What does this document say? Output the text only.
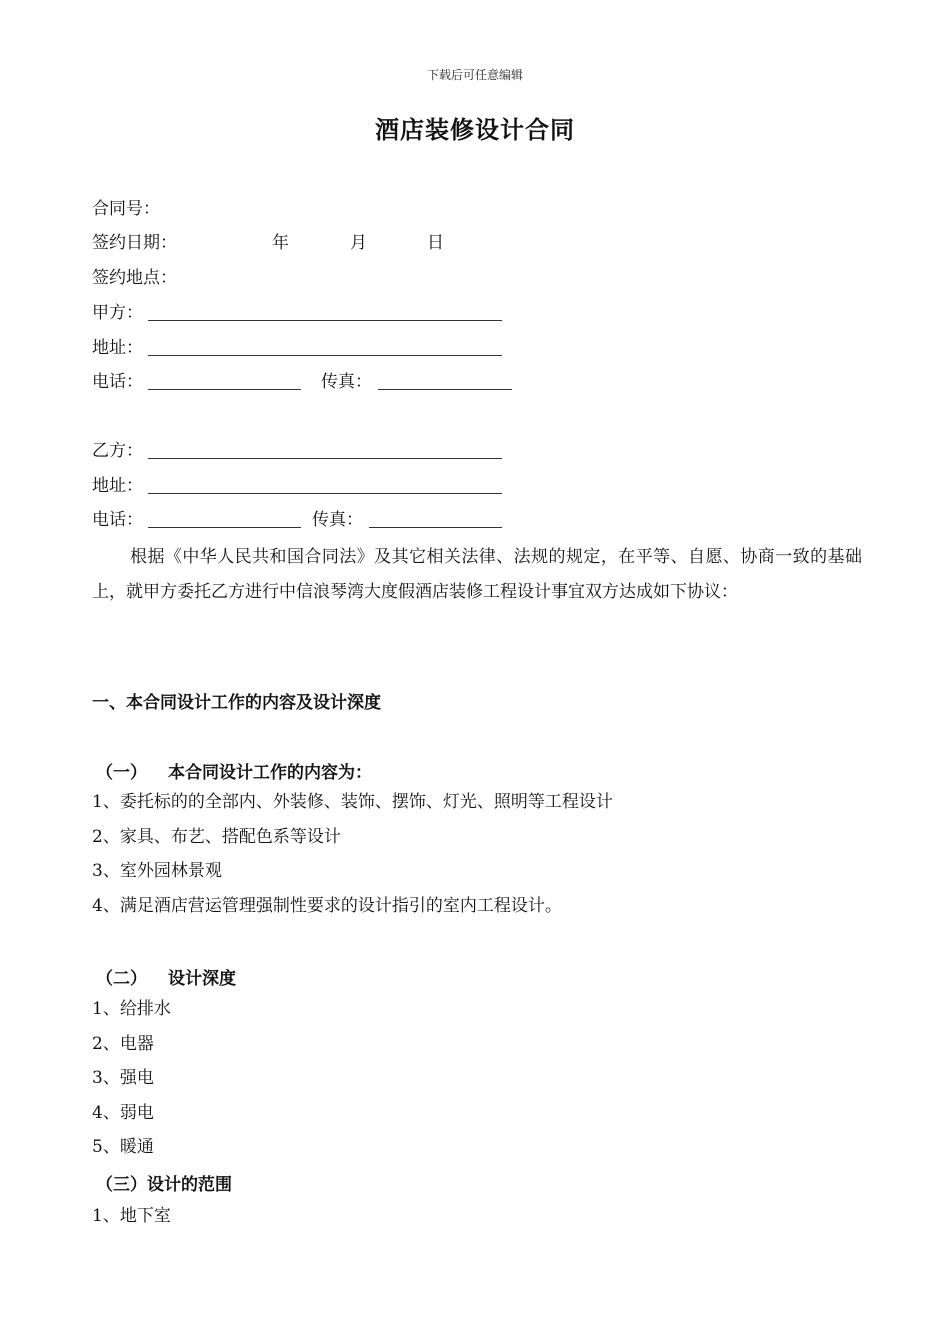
下载后可任意编辑
酒店装修设计合同
合同号：
签约日期：	年	月	日
签约地点：
甲方：
地址：
电话：	传真：
乙方：
地址：
电话：	传真：
根据《中华人民共和国合同法》及其它相关法律、法规的规定，在平等、自愿、协商一致的基础上，就甲方委托乙方进行中信浪琴湾大度假酒店装修工程设计事宜双方达成如下协议：
一、本合同设计工作的内容及设计深度
（一） 本合同设计工作的内容为：
1、委托标的的全部内、外装修、装饰、摆饰、灯光、照明等工程设计
2、家具、布艺、搭配色系等设计
3、室外园林景观
4、满足酒店营运管理强制性要求的设计指引的室内工程设计。
（二） 设计深度
1、给排水
2、电器
3、强电
4、弱电
5、暖通
（三）设计的范围
1、地下室
